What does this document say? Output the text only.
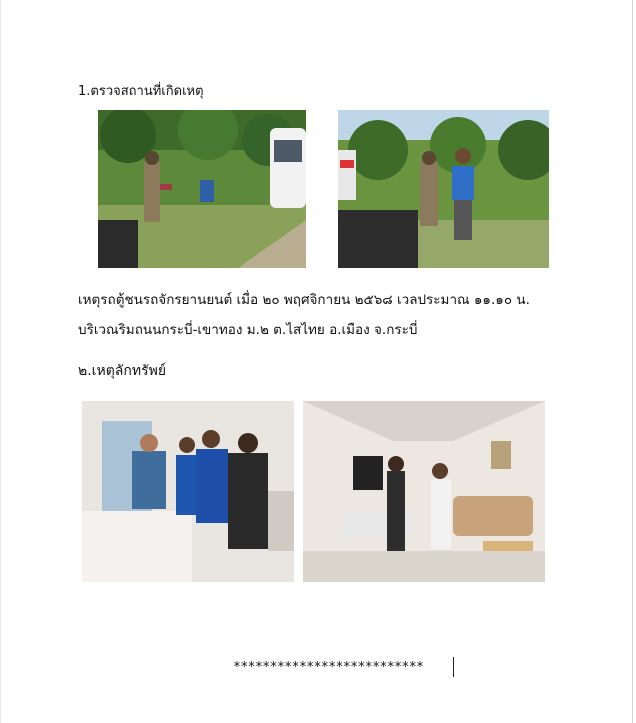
1.ตรวจสถานที่เกิดเหตุ
เหตุรถตู้ชนรถจักรยานยนต์ เมื่อ ๒๐ พฤศจิกายน ๒๕๖๘ เวลประมาณ ๑๑.๑๐ น.
บริเวณริมถนนกระบี่-เขาทอง ม.๒ ต.ไสไทย อ.เมือง จ.กระบี่
๒.เหตุลักทรัพย์
**************************
